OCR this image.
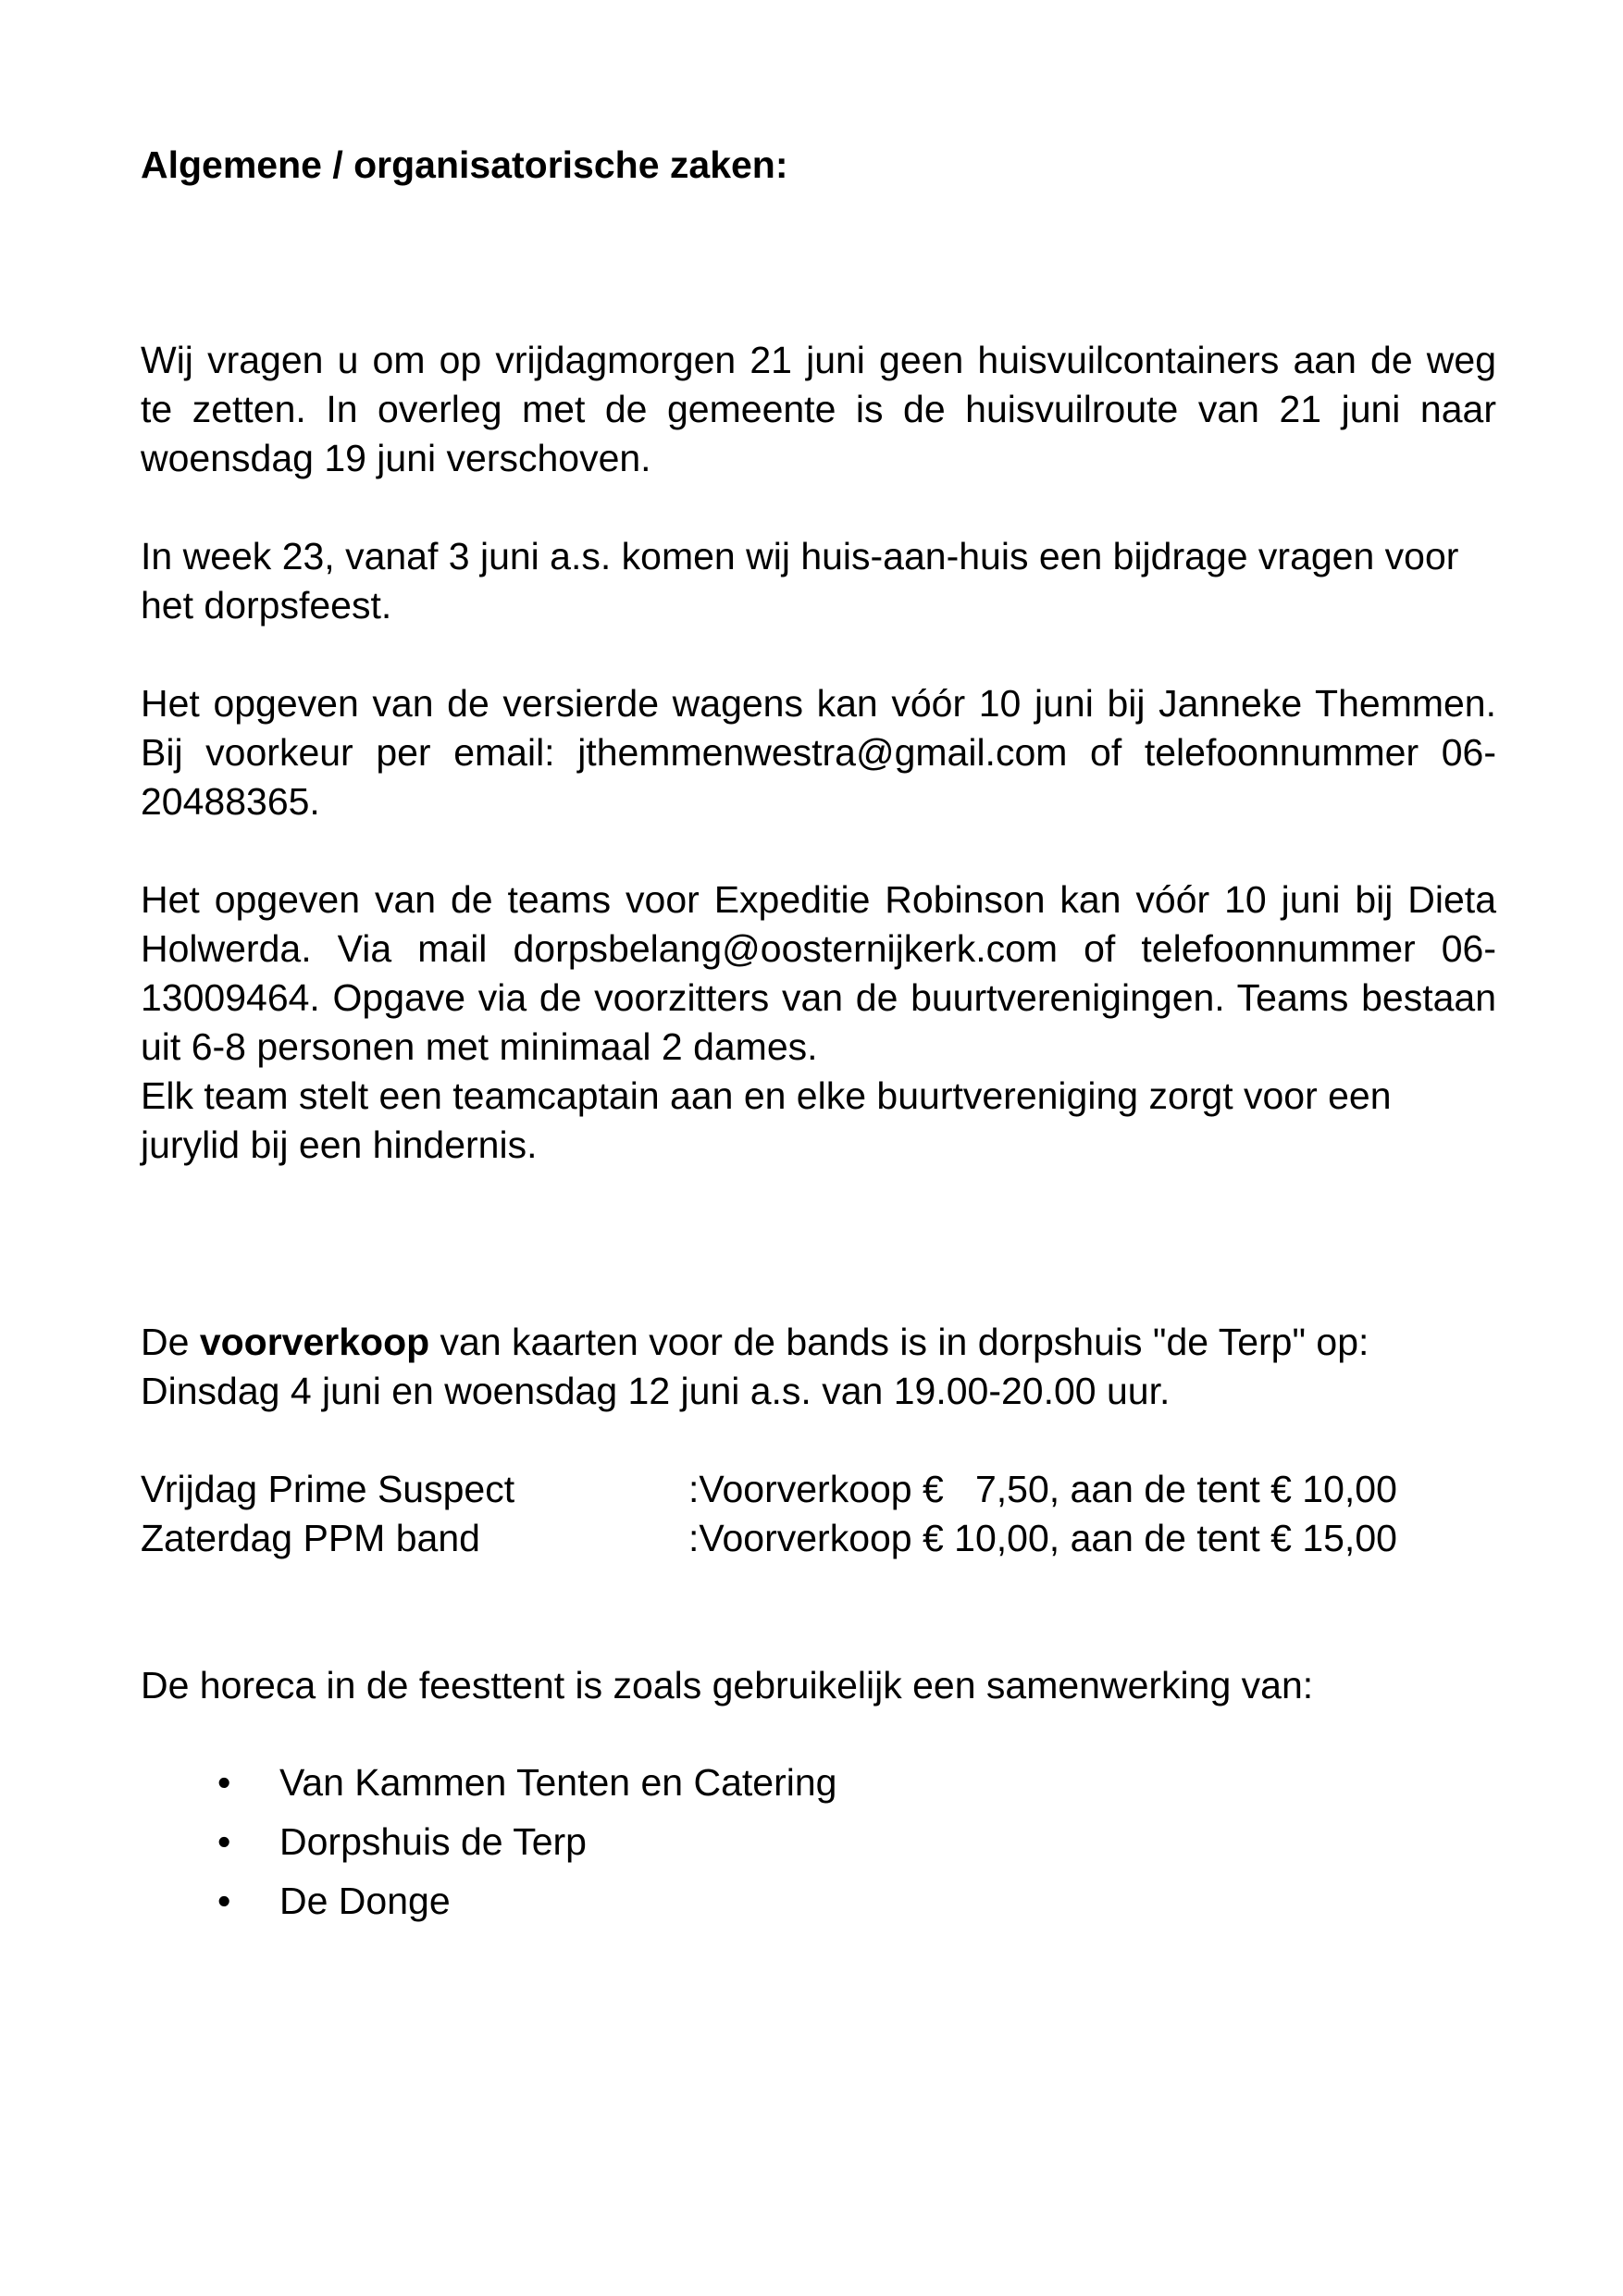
Algemene / organisatorische zaken:

Wij vragen u om op vrijdagmorgen 21 juni geen huisvuilcontainers aan de weg te zetten. In overleg met de gemeente is de huisvuilroute van 21 juni naar woensdag 19 juni verschoven.

In week 23, vanaf 3 juni a.s. komen wij huis-aan-huis een bijdrage vragen voor het dorpsfeest.

Het opgeven van de versierde wagens kan vóór 10 juni bij Janneke Themmen. Bij voorkeur per email: jthemmenwestra@gmail.com of telefoonnummer 06-20488365.

Het opgeven van de teams voor Expeditie Robinson kan vóór 10 juni bij Dieta Holwerda. Via mail dorpsbelang@oosternijkerk.com of telefoonnummer 06-13009464. Opgave via de voorzitters van de buurtverenigingen. Teams bestaan uit 6-8 personen met minimaal 2 dames.

Elk team stelt een teamcaptain aan en elke buurtvereniging zorgt voor een jurylid bij een hindernis.

De voorverkoop van kaarten voor de bands is in dorpshuis "de Terp" op: Dinsdag 4 juni en woensdag 12 juni a.s. van 19.00-20.00 uur.

Vrijdag Prime Suspect	:Voorverkoop €   7,50, aan de tent € 10,00
Zaterdag PPM band	:Voorverkoop € 10,00, aan de tent € 15,00

De horeca in de feesttent is zoals gebruikelijk een samenwerking van:

• Van Kammen Tenten en Catering
• Dorpshuis de Terp
• De Donge
